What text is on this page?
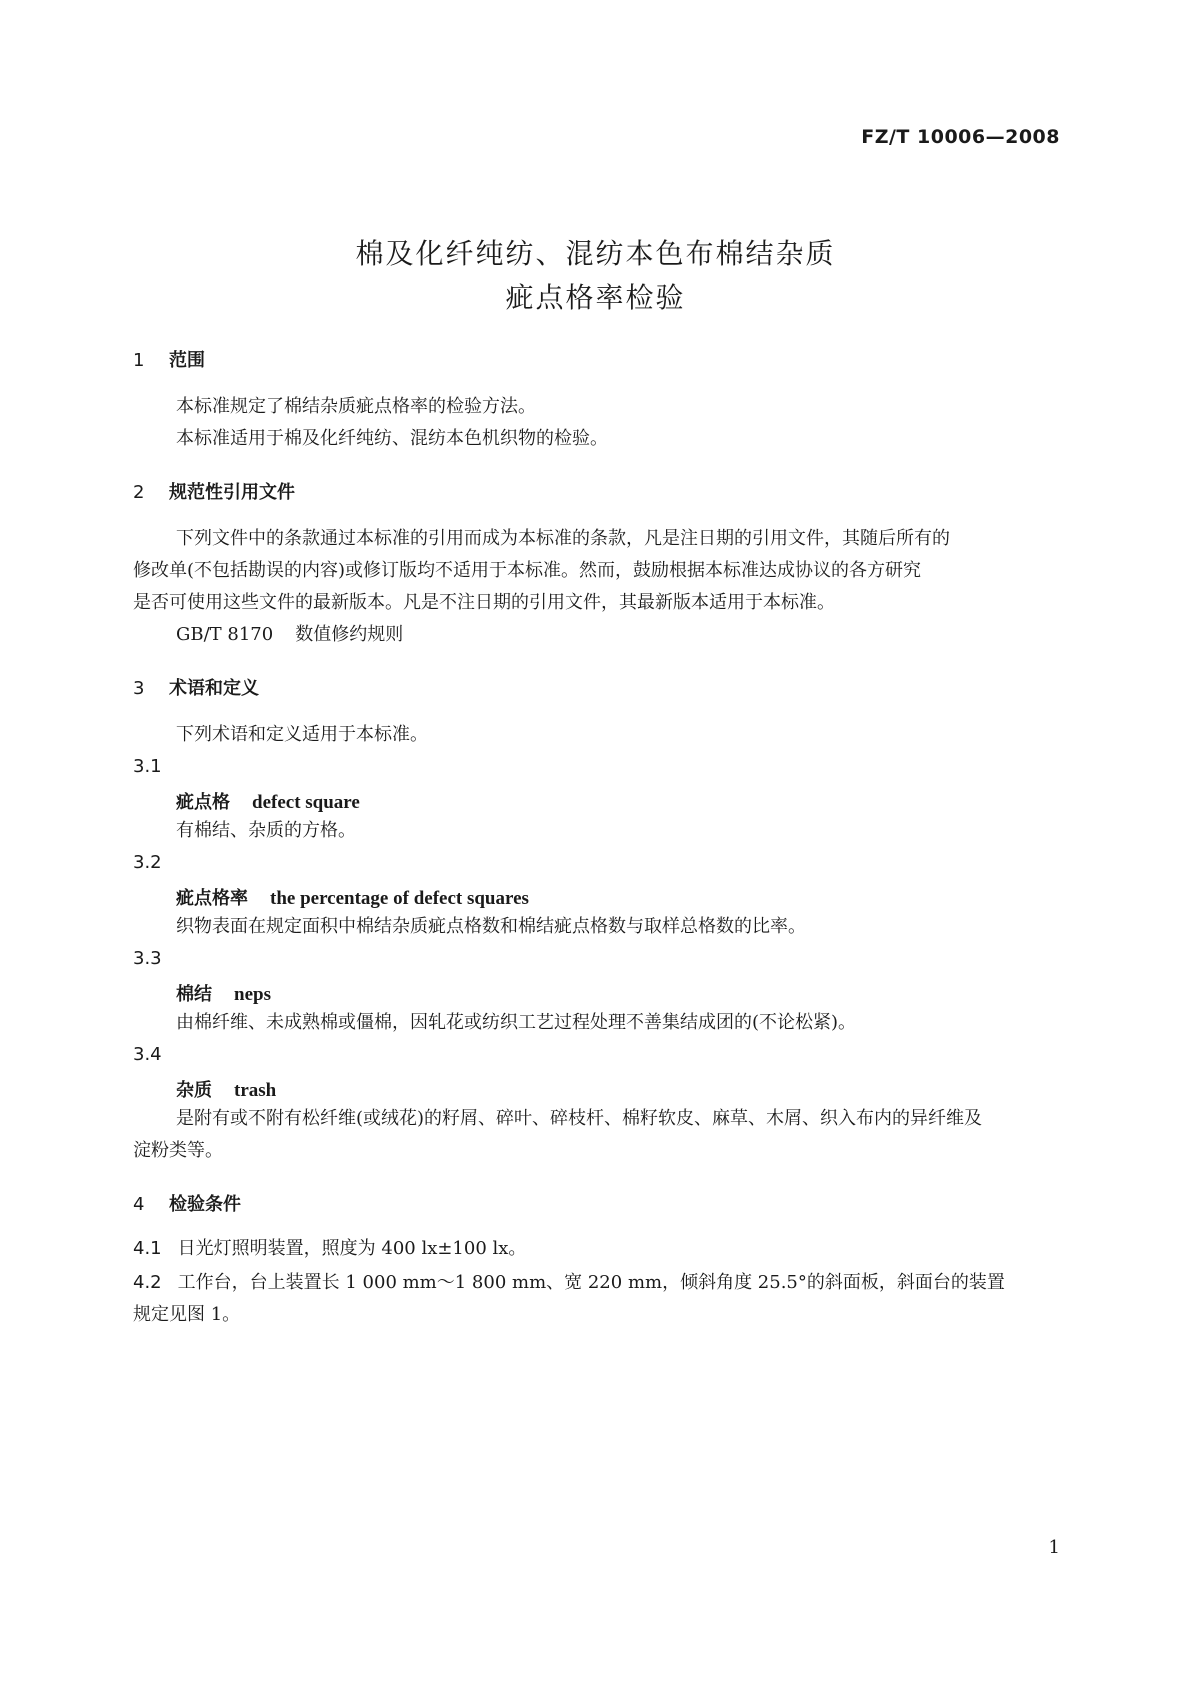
FZ/T 10006—2008
棉及化纤纯纺、混纺本色布棉结杂质
疵点格率检验
1 范围
本标准规定了棉结杂质疵点格率的检验方法。
本标准适用于棉及化纤纯纺、混纺本色机织物的检验。
2 规范性引用文件
下列文件中的条款通过本标准的引用而成为本标准的条款，凡是注日期的引用文件，其随后所有的
修改单(不包括勘误的内容)或修订版均不适用于本标准。然而，鼓励根据本标准达成协议的各方研究
是否可使用这些文件的最新版本。凡是不注日期的引用文件，其最新版本适用于本标准。
GB/T 8170 数值修约规则
3 术语和定义
下列术语和定义适用于本标准。
3.1
疵点格 defect square
有棉结、杂质的方格。
3.2
疵点格率 the percentage of defect squares
织物表面在规定面积中棉结杂质疵点格数和棉结疵点格数与取样总格数的比率。
3.3
棉结 neps
由棉纤维、未成熟棉或僵棉，因轧花或纺织工艺过程处理不善集结成团的(不论松紧)。
3.4
杂质 trash
是附有或不附有松纤维(或绒花)的籽屑、碎叶、碎枝杆、棉籽软皮、麻草、木屑、织入布内的异纤维及
淀粉类等。
4 检验条件
4.1 日光灯照明装置，照度为 400 lx±100 lx。
4.2 工作台，台上装置长 1 000 mm～1 800 mm、宽 220 mm，倾斜角度 25.5°的斜面板，斜面台的装置
规定见图 1。
1
